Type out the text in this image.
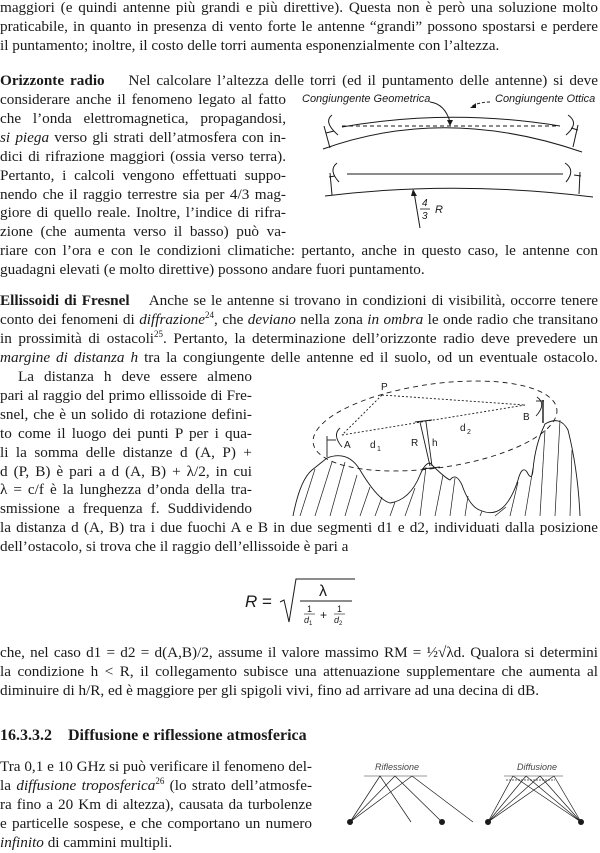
maggiori (e quindi antenne più grandi e più direttive). Questa non è però una soluzione molto
praticabile, in quanto in presenza di vento forte le antenne “grandi” possono spostarsi e perdere
il puntamento; inoltre, il costo delle torri aumenta esponenzialmente con l’altezza.
Orizzonte radio Nel calcolare l’altezza delle torri (ed il puntamento delle antenne) si deve
considerare anche il fenomeno legato al fatto
che l’onda elettromagnetica, propagandosi,
si piega verso gli strati dell’atmosfera con in-
dici di rifrazione maggiori (ossia verso terra).
Pertanto, i calcoli vengono effettuati suppo-
nendo che il raggio terrestre sia per 4/3 mag-
giore di quello reale. Inoltre, l’indice di rifra-
zione (che aumenta verso il basso) può va-
riare con l’ora e con le condizioni climatiche: pertanto, anche in questo caso, le antenne con
guadagni elevati (e molto direttive) possono andare fuori puntamento.
Congiungente Geometrica	Congiungente Ottica
4
3
R
Ellissoidi di Fresnel Anche se le antenne si trovano in condizioni di visibilità, occorre tenere
conto dei fenomeni di diffrazione$^{24}$, che deviano nella zona in ombra le onde radio che transitano
in prossimità di ostacoli$^{25}$. Pertanto, la determinazione dell’orizzonte radio deve prevedere un
margine di distanza h tra la congiungente delle antenne ed il suolo, od un eventuale ostacolo.
La distanza h deve essere almeno
pari al raggio del primo ellissoide di Fre-
snel, che è un solido di rotazione defini-
to come il luogo dei punti P per i qua-
li la somma delle distanze d (A, P) +
d (P, B) è pari a d (A, B) + λ/2, in cui
λ = c/f è la lunghezza d’onda della tra-
smissione a frequenza f. Suddividendo
la distanza d (A, B) tra i due fuochi A e B in due segmenti d1 e d2, individuati dalla posizione
dell’ostacolo, si trova che il raggio dell’ellissoide è pari a
R =
λ
1
d 1
+ 1
d 2
che, nel caso d1 = d2 = d(A,B)/2, assume il valore massimo RM = ½√λd. Qualora si determini
la condizione h < R, il collegamento subisce una attenuazione supplementare che aumenta al
diminuire di h/R, ed è maggiore per gli spigoli vivi, fino ad arrivare ad una decina di dB.
P
A
B
d 1
d 2
R h
16.3.3.2 Diffusione e riflessione atmosferica
Tra 0,1 e 10 GHz si può verificare il fenomeno del-
la diffusione troposferica$^{26}$ (lo strato dell’atmosfe-
ra fino a 20 Km di altezza), causata da turbolenze
e particelle sospese, e che comportano un numero
infinito di cammini multipli.
Riflessione	Diffusione
